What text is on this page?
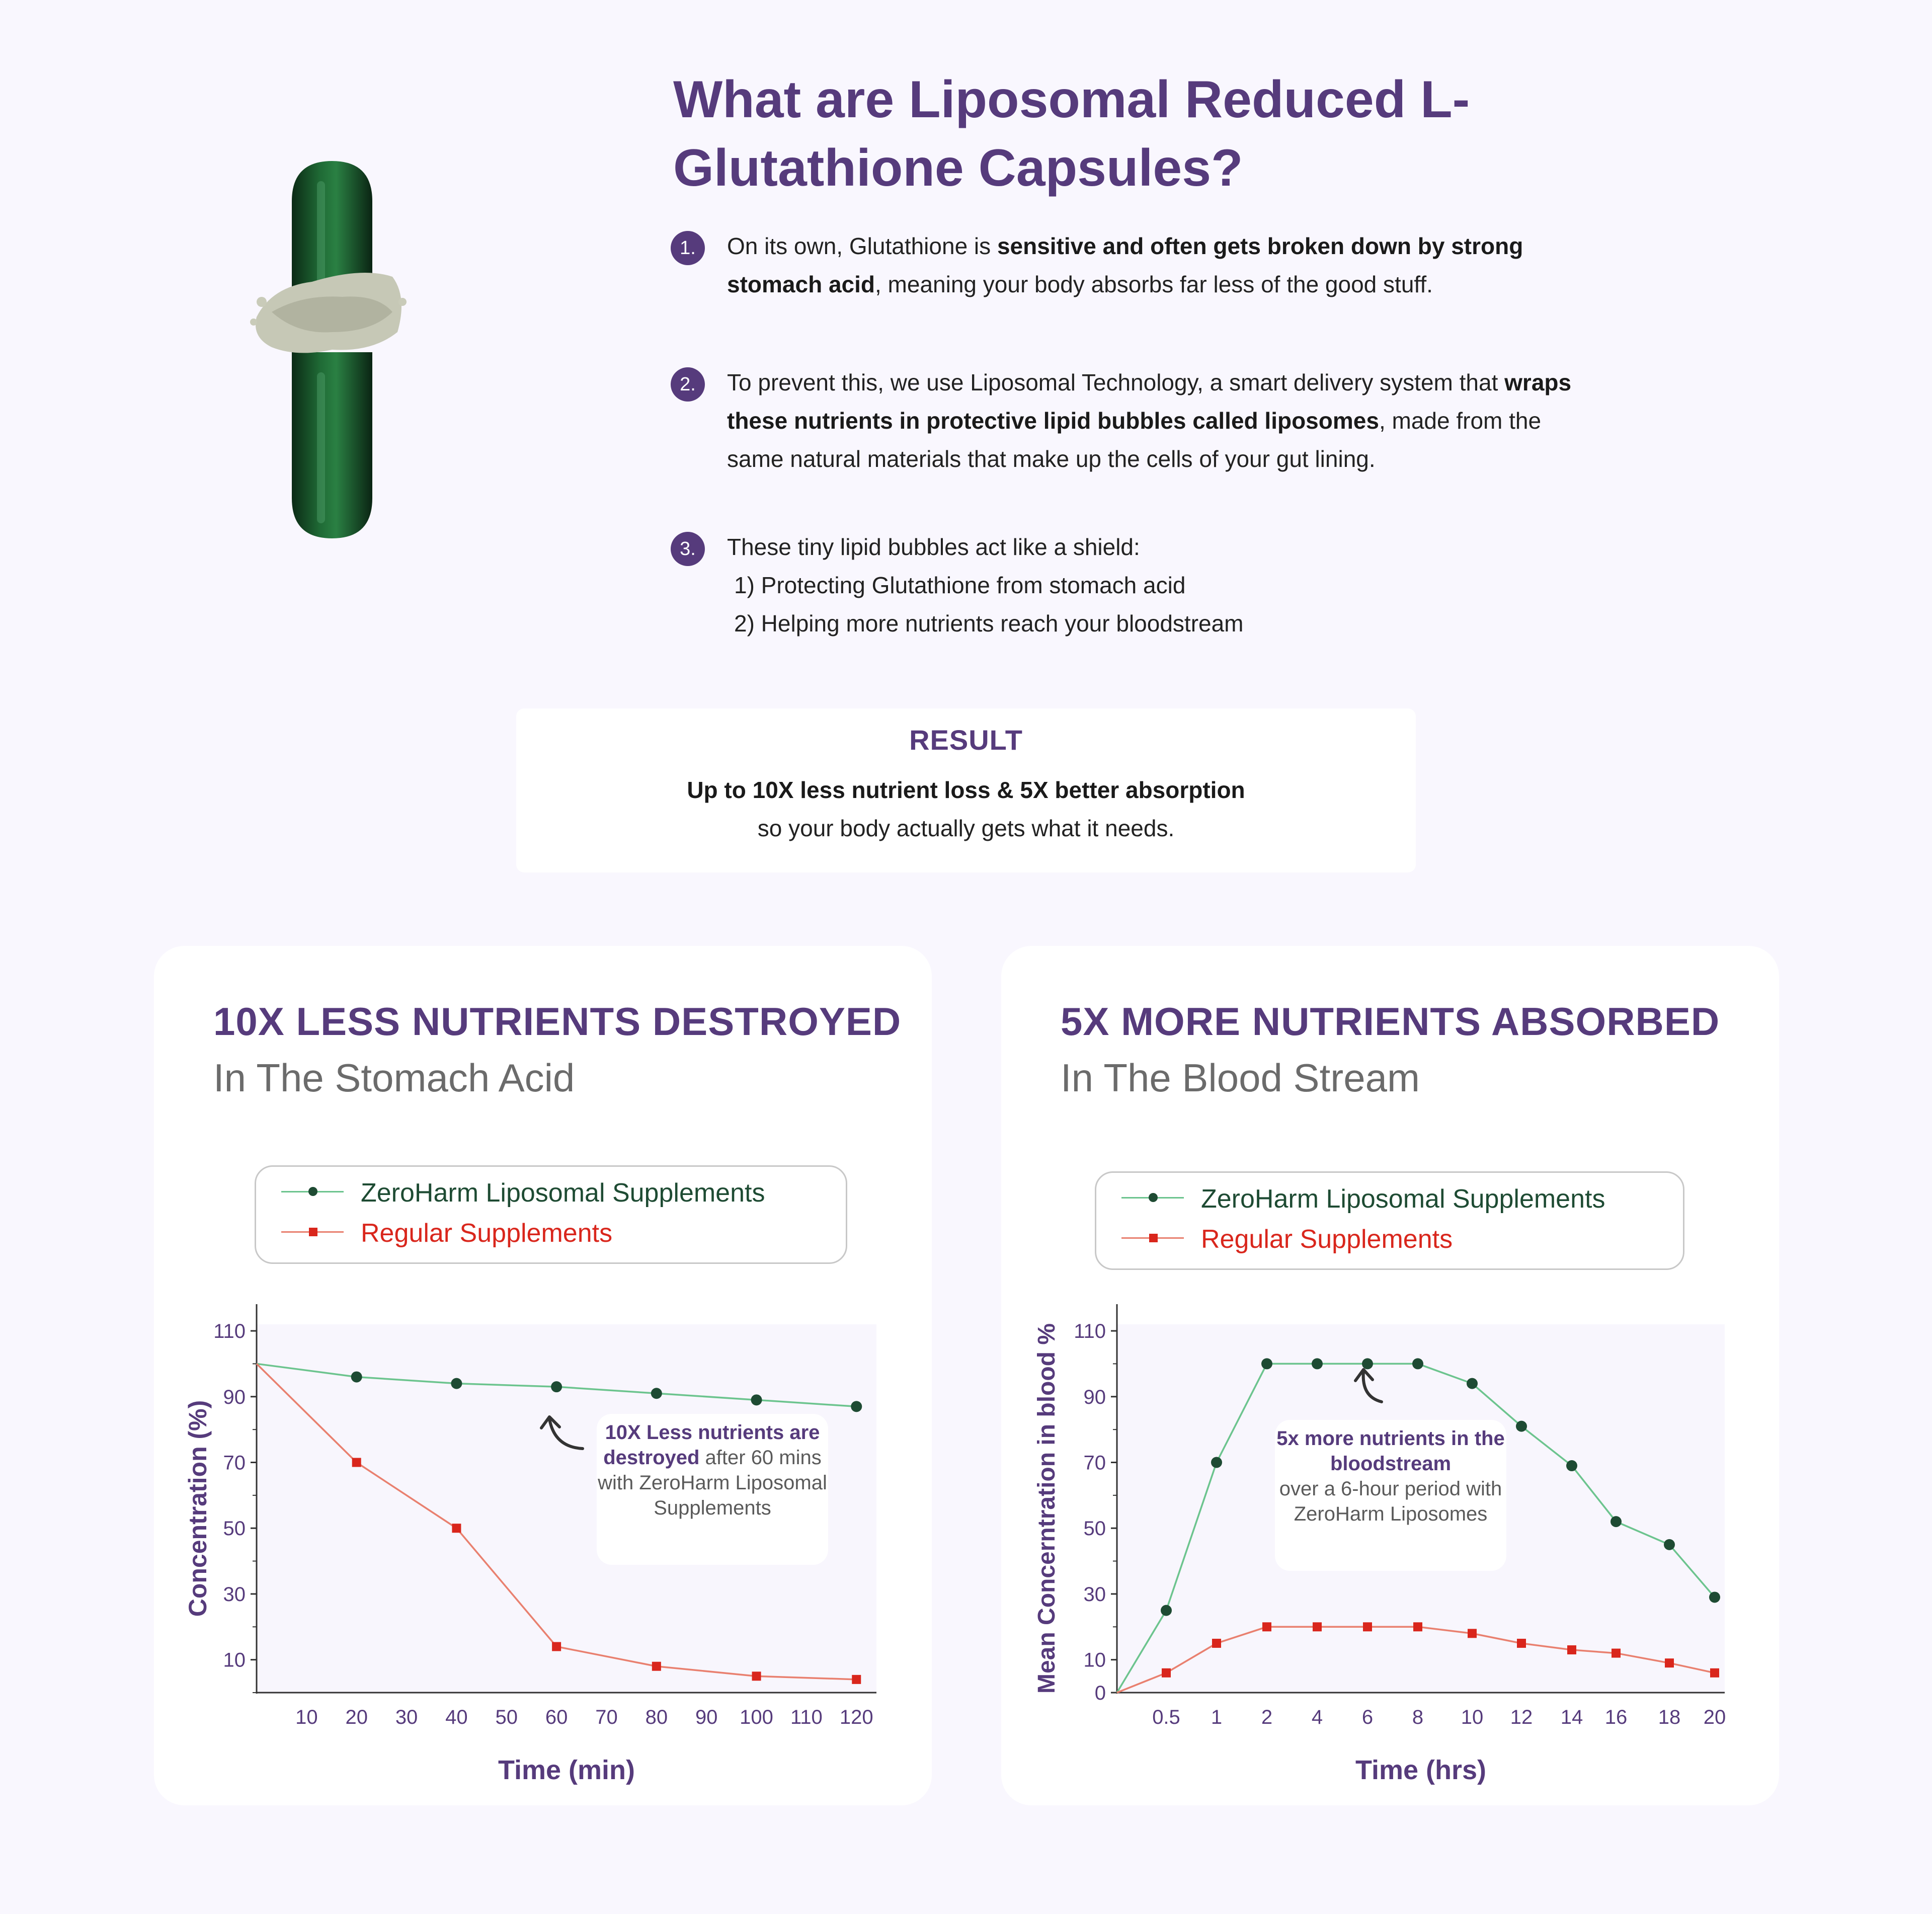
What are Liposomal Reduced L-Glutathione Capsules?
1.	On its own, Glutathione is sensitive and often gets broken down by strong stomach acid, meaning your body absorbs far less of the good stuff.
2.	To prevent this, we use Liposomal Technology, a smart delivery system that wraps these nutrients in protective lipid bubbles called liposomes, made from the same natural materials that make up the cells of your gut lining.
3.	These tiny lipid bubbles act like a shield:
1) Protecting Glutathione from stomach acid
2) Helping more nutrients reach your bloodstream
RESULT
Up to 10X less nutrient loss & 5X better absorption
so your body actually gets what it needs.
10X LESS NUTRIENTS DESTROYED
In The Stomach Acid
ZeroHarm Liposomal Supplements
Regular Supplements
10
30
50
70
90
110
10 20 30 40 50 60 70 80 90 100 110 120
Time (min)
Concentration (%)	10X Less nutrients are destroyed after 60 mins with ZeroHarm Liposomal Supplements
5X MORE NUTRIENTS ABSORBED
In The Blood Stream
ZeroHarm Liposomal Supplements
Regular Supplements
0
10
30
50
70
90
110
0.5 1 2 4 6 8 10 12 14 16 18 20
Time (hrs)
Mean Concerntration in blood %	5x more nutrients in the bloodstream
over a 6-hour period with ZeroHarm Liposomes
